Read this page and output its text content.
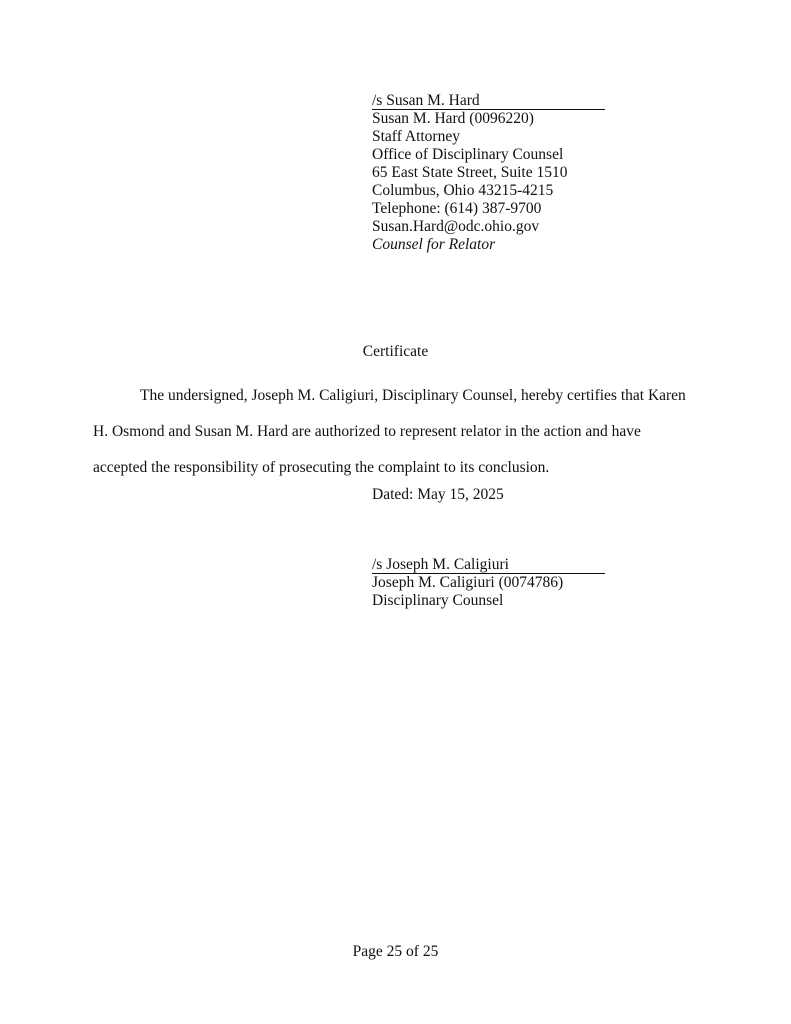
/s Susan M. Hard
Susan M. Hard (0096220)
Staff Attorney
Office of Disciplinary Counsel
65 East State Street, Suite 1510
Columbus, Ohio 43215-4215
Telephone: (614) 387-9700
Susan.Hard@odc.ohio.gov
Counsel for Relator
Certificate

The undersigned, Joseph M. Caligiuri, Disciplinary Counsel, hereby certifies that Karen

H. Osmond and Susan M. Hard are authorized to represent relator in the action and have

accepted the responsibility of prosecuting the complaint to its conclusion.

Dated: May 15, 2025
/s Joseph M. Caligiuri
Joseph M. Caligiuri (0074786)
Disciplinary Counsel
Page 25 of 25
